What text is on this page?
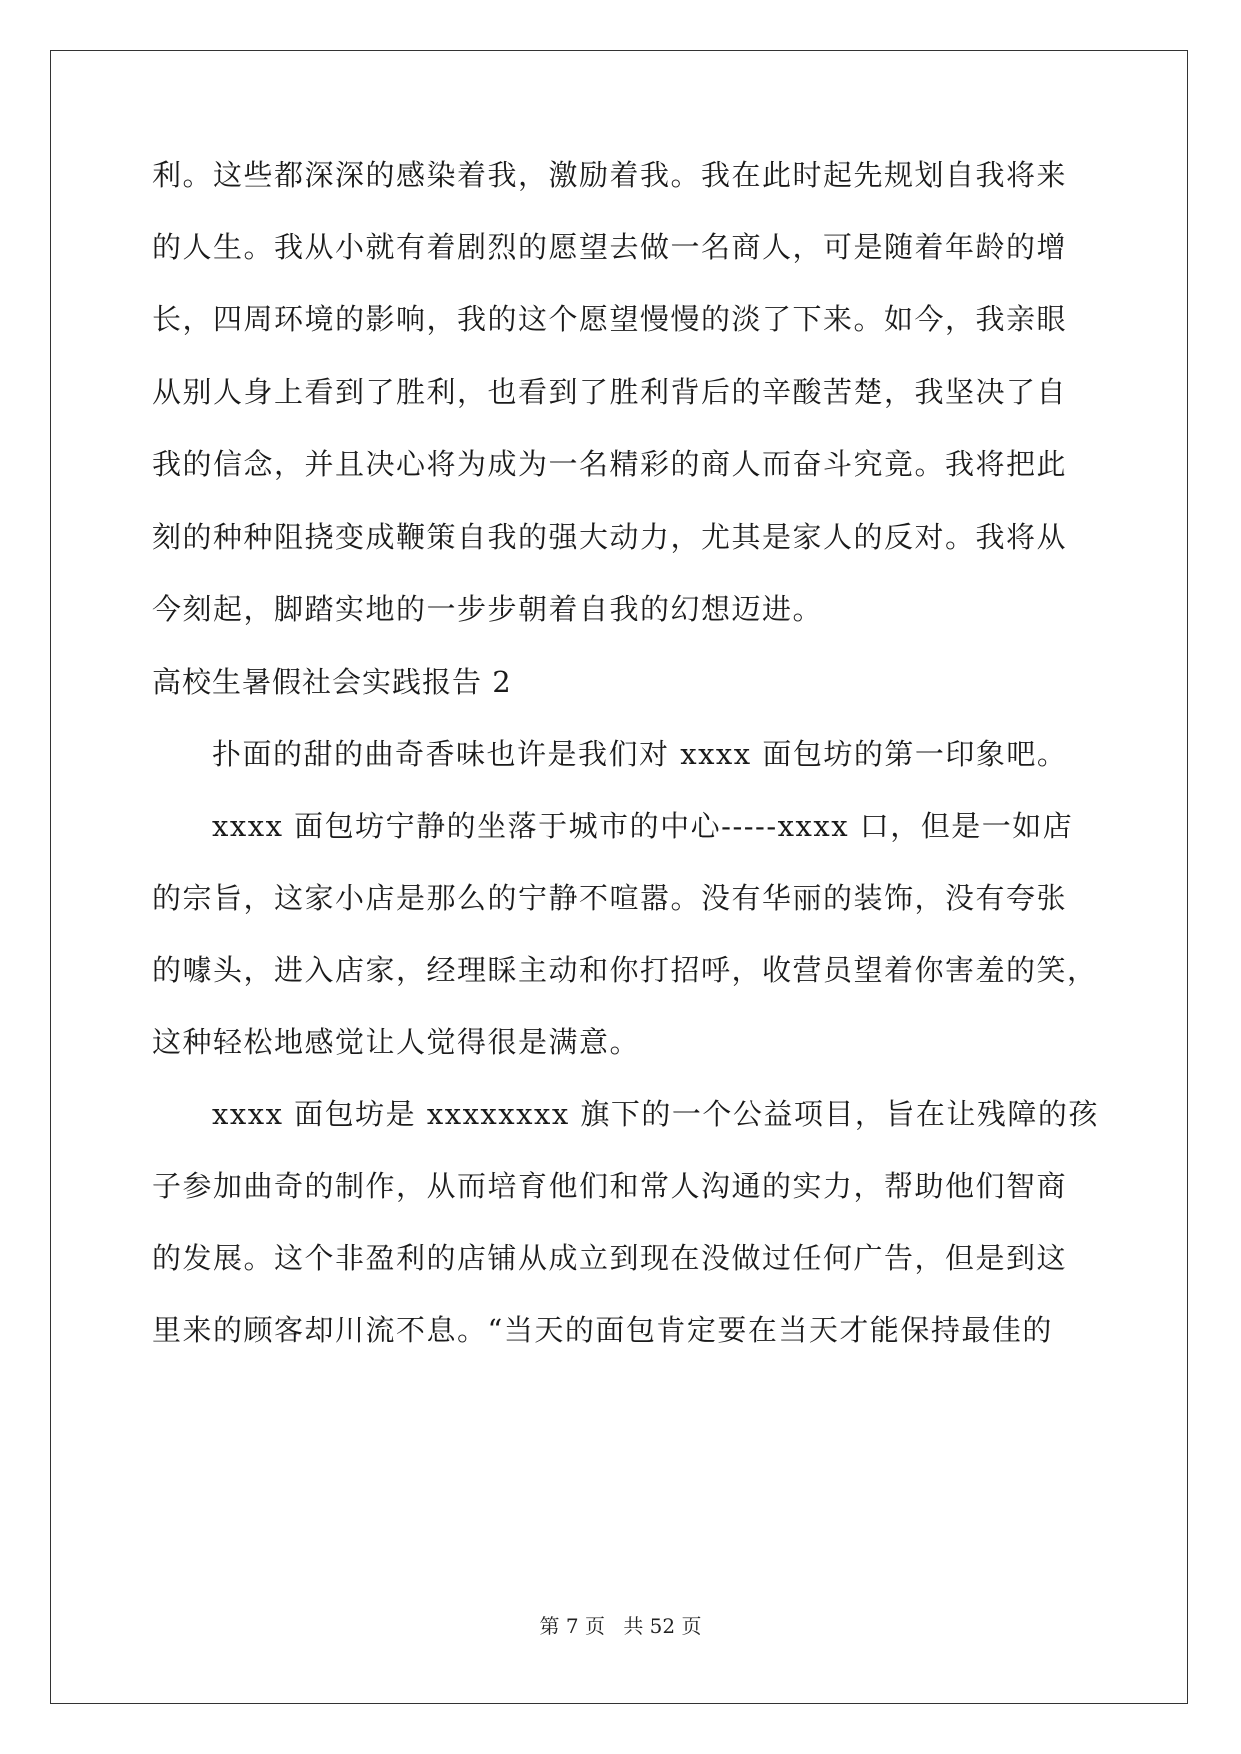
利。这些都深深的感染着我，激励着我。我在此时起先规划自我将来
的人生。我从小就有着剧烈的愿望去做一名商人，可是随着年龄的增
长，四周环境的影响，我的这个愿望慢慢的淡了下来。如今，我亲眼
从别人身上看到了胜利，也看到了胜利背后的辛酸苦楚，我坚决了自
我的信念，并且决心将为成为一名精彩的商人而奋斗究竟。我将把此
刻的种种阻挠变成鞭策自我的强大动力，尤其是家人的反对。我将从
今刻起，脚踏实地的一步步朝着自我的幻想迈进。
高校生暑假社会实践报告 2
扑面的甜的曲奇香味也许是我们对 xxxx 面包坊的第一印象吧。
xxxx 面包坊宁静的坐落于城市的中心-----xxxx 口，但是一如店
的宗旨，这家小店是那么的宁静不喧嚣。没有华丽的装饰，没有夸张
的噱头，进入店家，经理睬主动和你打招呼，收营员望着你害羞的笑，
这种轻松地感觉让人觉得很是满意。
xxxx 面包坊是 xxxxxxxx 旗下的一个公益项目，旨在让残障的孩
子参加曲奇的制作，从而培育他们和常人沟通的实力，帮助他们智商
的发展。这个非盈利的店铺从成立到现在没做过任何广告，但是到这
里来的顾客却川流不息。“当天的面包肯定要在当天才能保持最佳的
第 7 页 共 52 页
